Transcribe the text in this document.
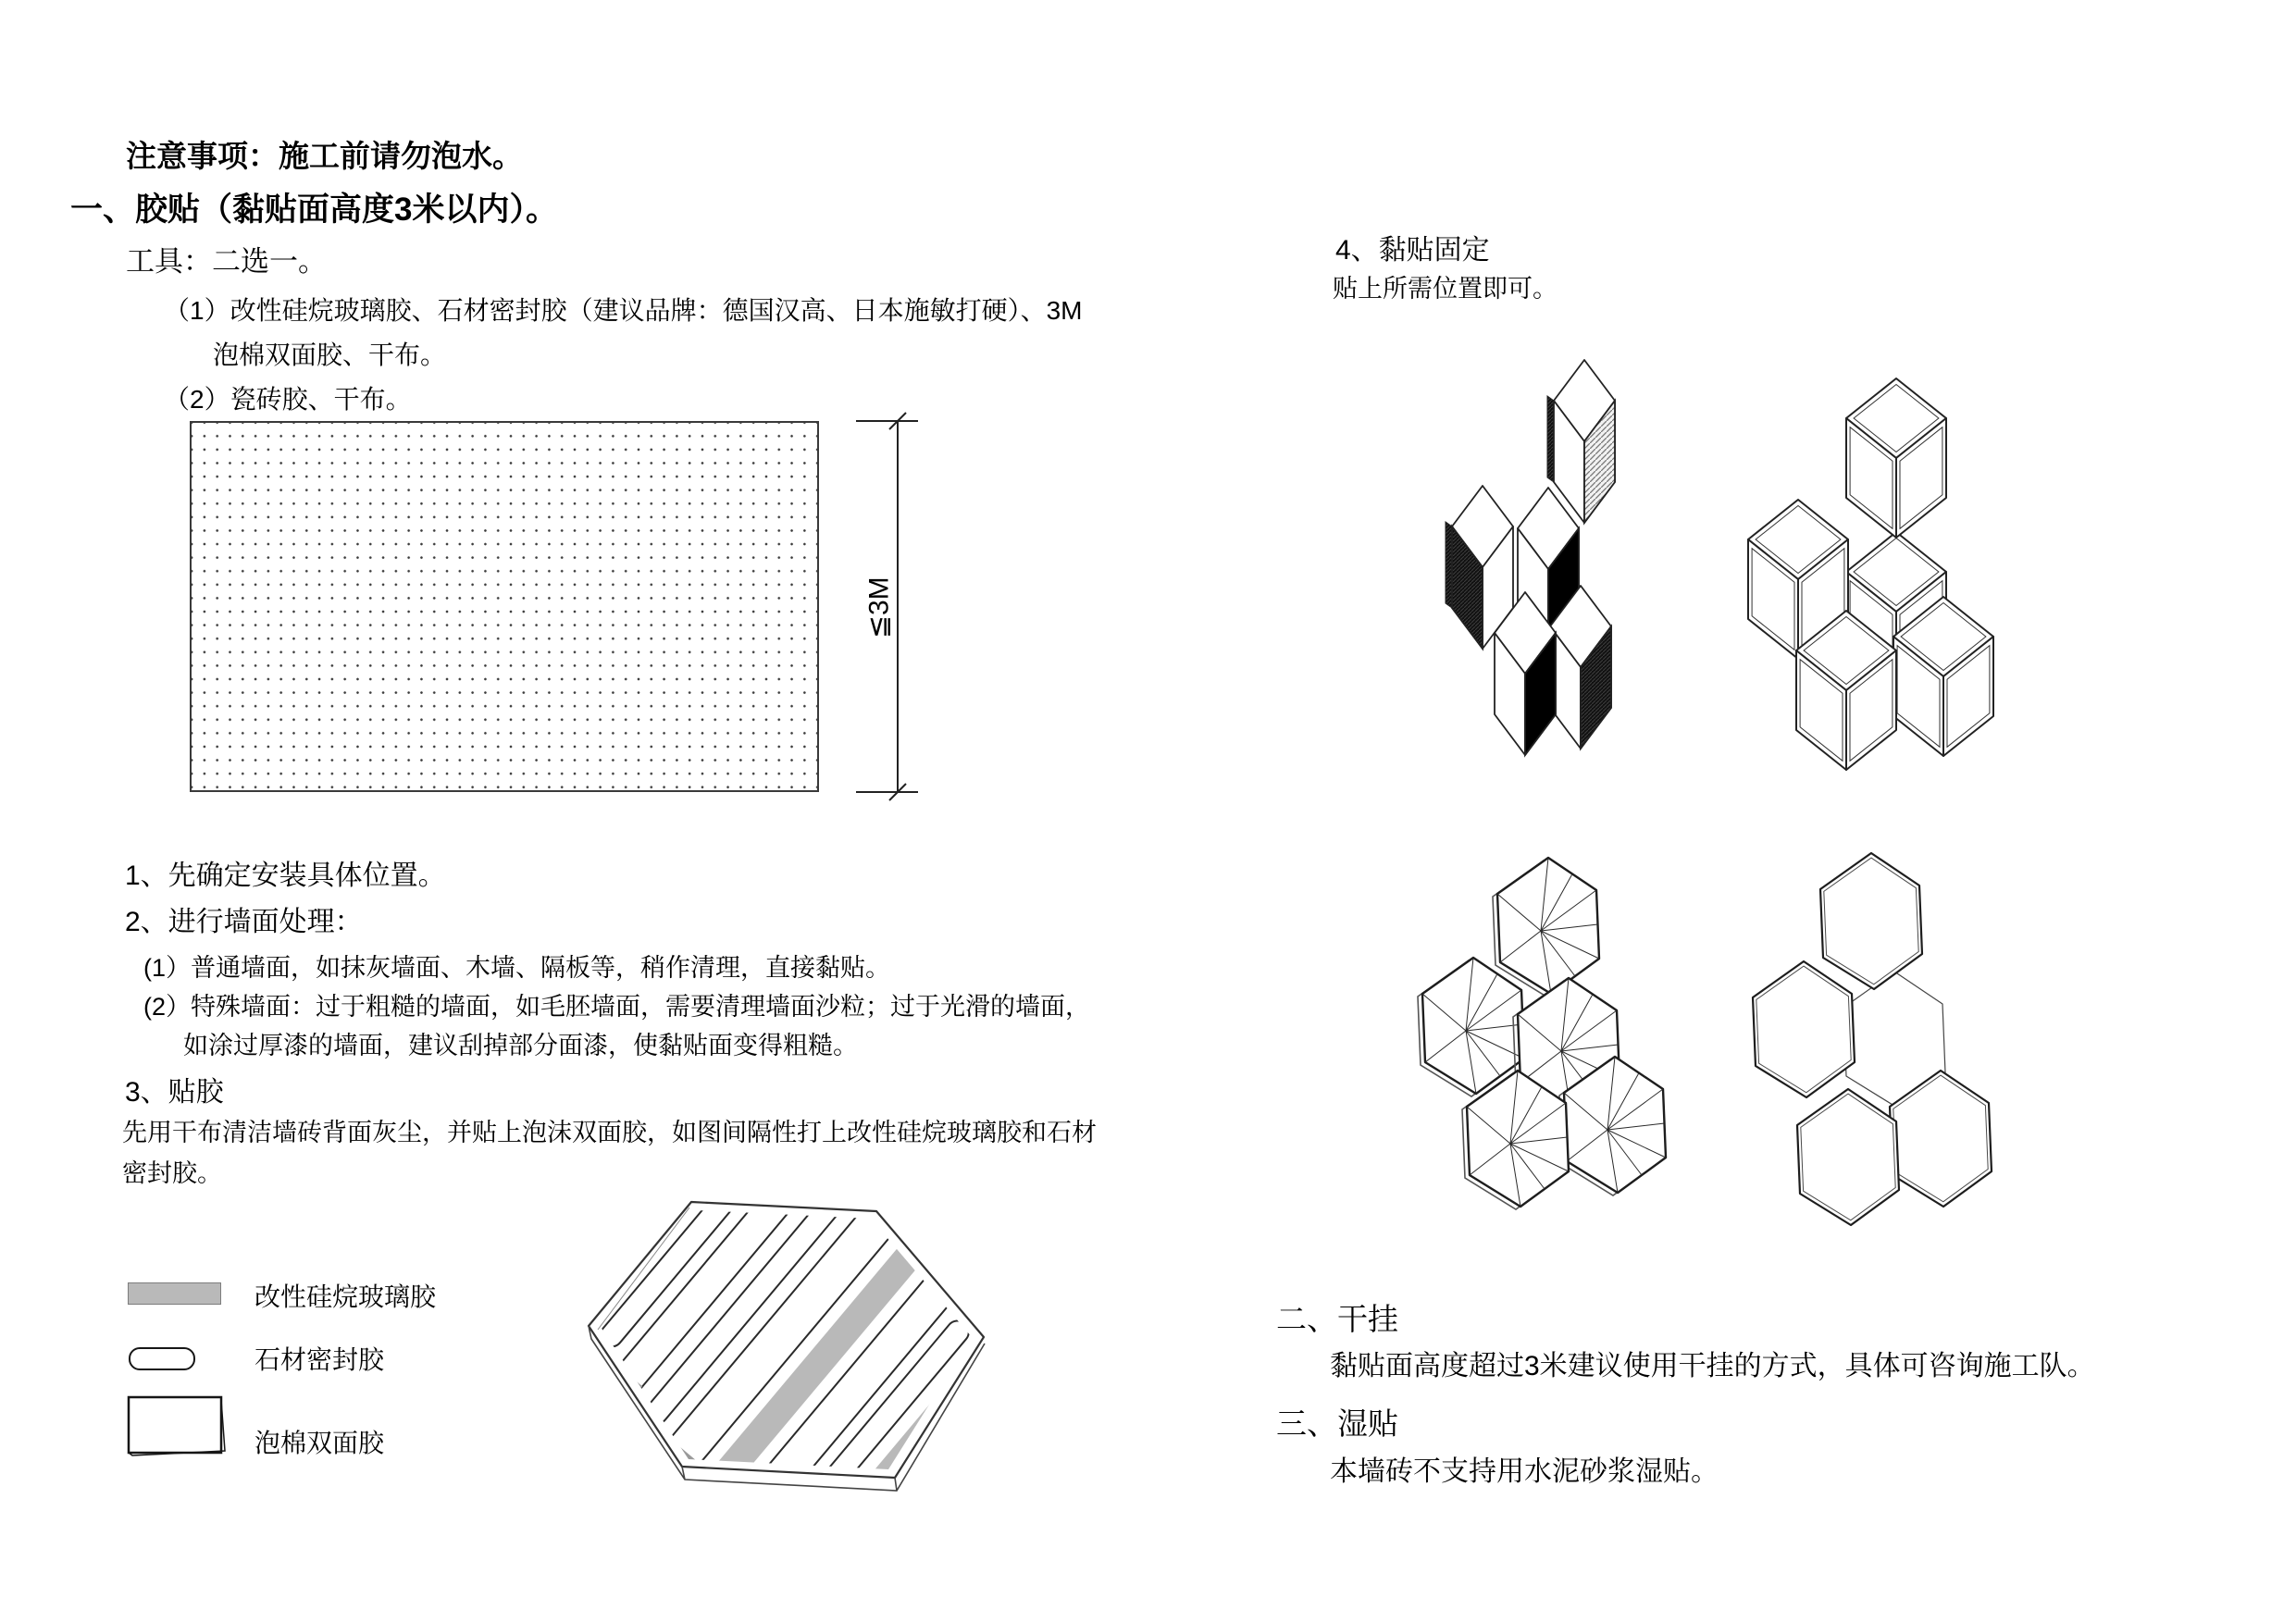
注意事项：施工前请勿泡水。
一、胶贴（黏贴面高度3米以内）。
工具：二选一。
（1）改性硅烷玻璃胶、石材密封胶（建议品牌：德国汉高、日本施敏打硬）、3M
泡棉双面胶、干布。
（2）瓷砖胶、干布。
≦3M
1、先确定安装具体位置。
2、进行墙面处理：
(1）普通墙面，如抹灰墙面、木墙、隔板等，稍作清理，直接黏贴。
(2）特殊墙面：过于粗糙的墙面，如毛胚墙面，需要清理墙面沙粒；过于光滑的墙面，
如涂过厚漆的墙面，建议刮掉部分面漆，使黏贴面变得粗糙。
3、贴胶
先用干布清洁墙砖背面灰尘，并贴上泡沫双面胶，如图间隔性打上改性硅烷玻璃胶和石材
密封胶。
改性硅烷玻璃胶
石材密封胶
泡棉双面胶
4、黏贴固定
贴上所需位置即可。
二、干挂
黏贴面高度超过3米建议使用干挂的方式，具体可咨询施工队。
三、湿贴
本墙砖不支持用水泥砂浆湿贴。
